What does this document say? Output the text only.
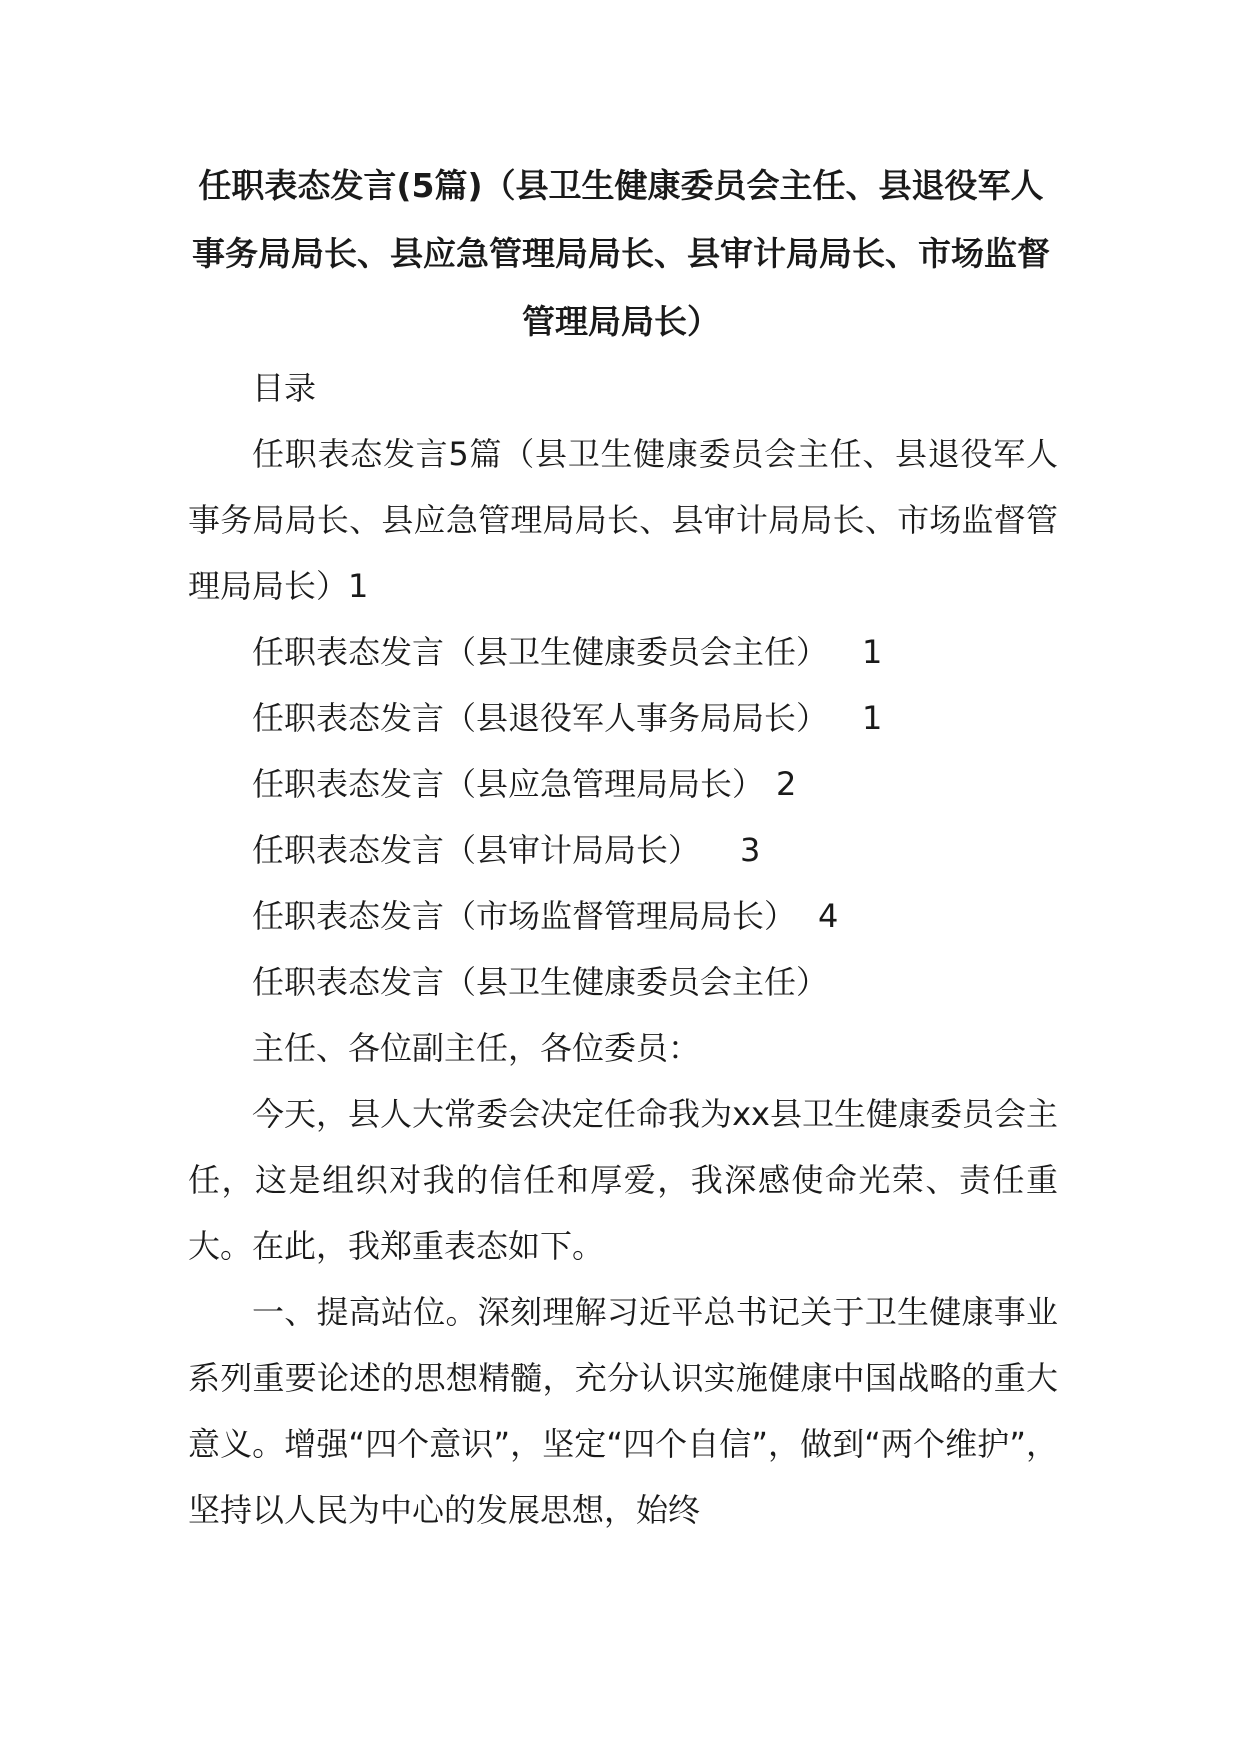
任职表态发言(5篇)（县卫生健康委员会主任、县退役军人事务局局长、县应急管理局局长、县审计局局长、市场监督管理局局长）

目录

任职表态发言5篇（县卫生健康委员会主任、县退役军人事务局局长、县应急管理局局长、县审计局局长、市场监督管理局局长）1

任职表态发言（县卫生健康委员会主任） 1

任职表态发言（县退役军人事务局局长） 1

任职表态发言（县应急管理局局长） 2

任职表态发言（县审计局局长） 3

任职表态发言（市场监督管理局局长） 4

任职表态发言（县卫生健康委员会主任）

主任、各位副主任，各位委员：

今天，县人大常委会决定任命我为xx县卫生健康委员会主任，这是组织对我的信任和厚爱，我深感使命光荣、责任重大。在此，我郑重表态如下。

一、提高站位。深刻理解习近平总书记关于卫生健康事业系列重要论述的思想精髓，充分认识实施健康中国战略的重大意义。增强“四个意识”，坚定“四个自信”，做到“两个维护”，坚持以人民为中心的发展思想，始终
